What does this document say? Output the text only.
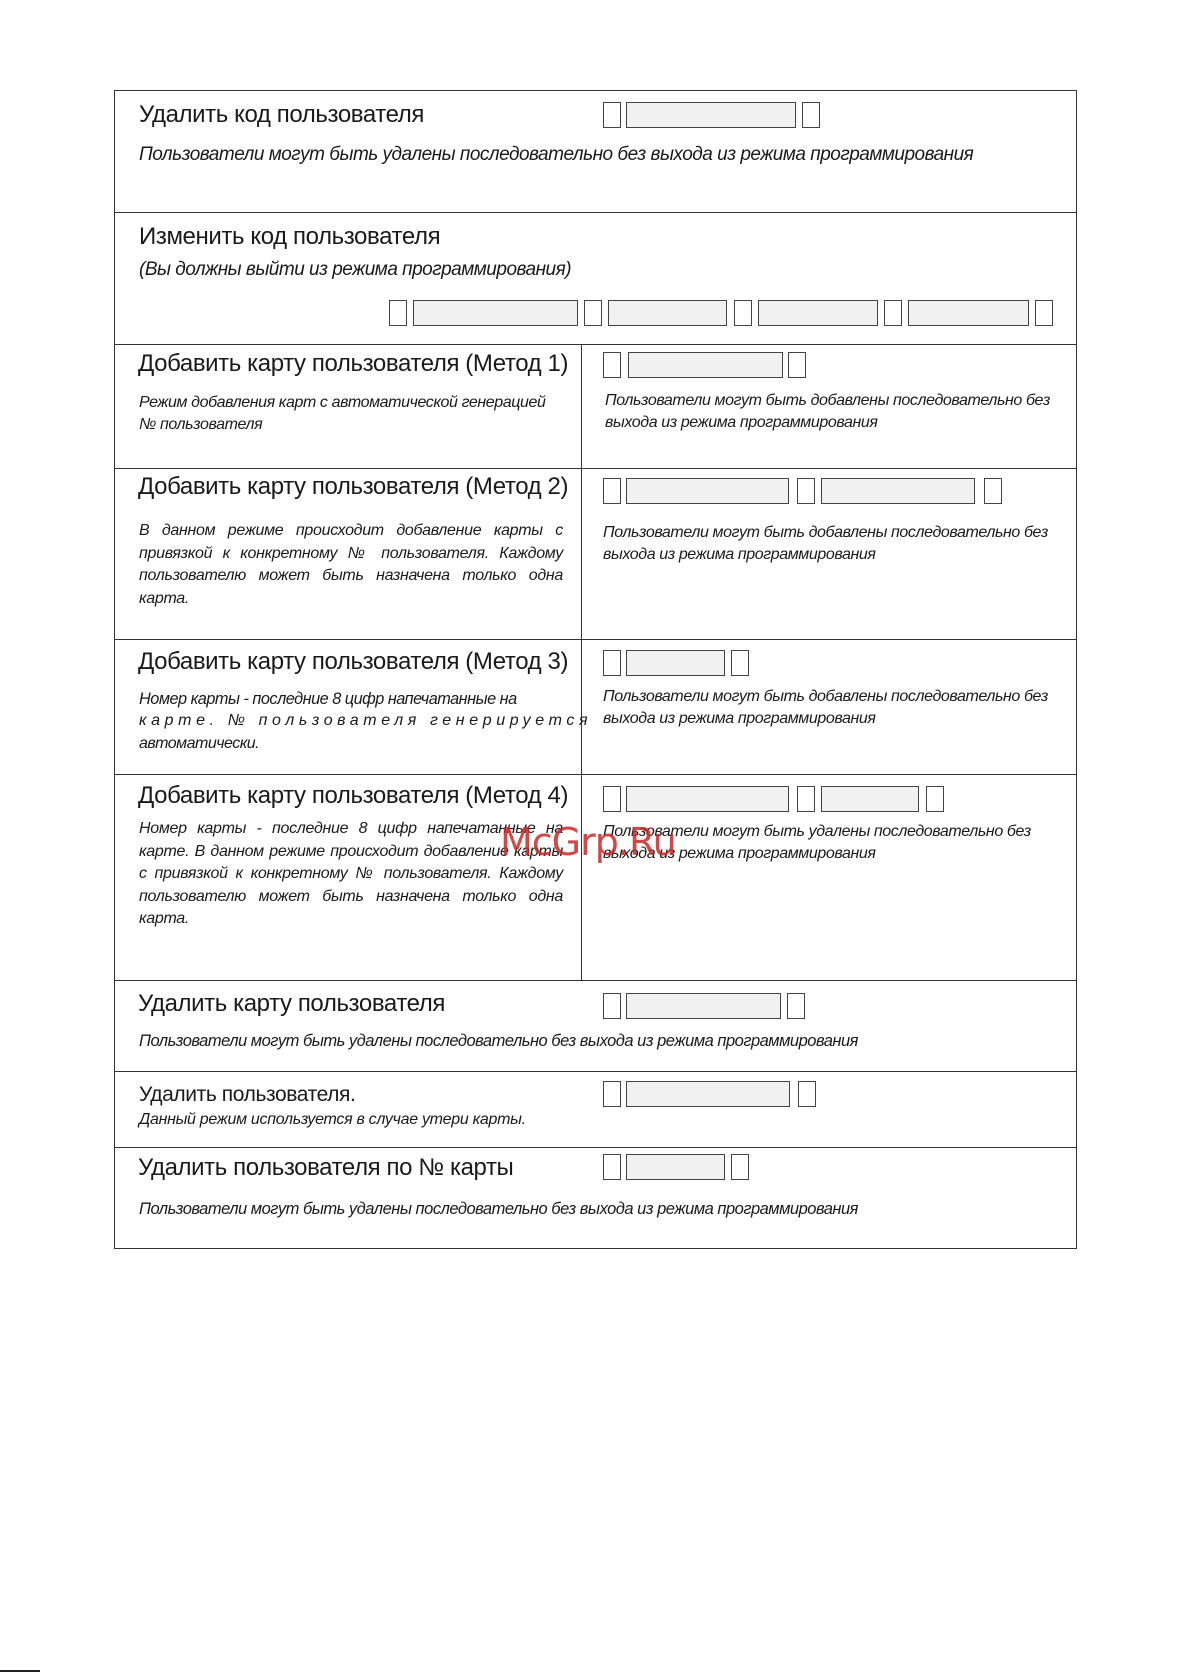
Удалить код пользователя
Пользователи могут быть удалены последовательно без выхода из режима программирования
Изменить код пользователя
(Вы должны выйти из режима программирования)
Добавить карту пользователя (Метод 1)
Режим добавления карт с автоматической генерацией № пользователя
Пользователи могут быть добавлены последовательно без выхода из режима программирования
Добавить карту пользователя (Метод 2)
В данном режиме происходит добавление карты с привязкой к конкретному № пользователя. Каждому пользователю может быть назначена только одна карта.
Пользователи могут быть добавлены последовательно без выхода из режима программирования
Добавить карту пользователя (Метод 3)
Номер карты - последние 8 цифр напечатанные на
карте. № пользователя генерируется
автоматически.
Пользователи могут быть добавлены последовательно без выхода из режима программирования
Добавить карту пользователя (Метод 4)
Номер карты - последние 8 цифр напечатанные на карте. В данном режиме происходит добавление карты с привязкой к конкретному № пользователя. Каждому пользователю может быть назначена только одна карта.
Пользователи могут быть удалены последовательно без выхода из режима программирования
McGrp.Ru
Удалить карту пользователя
Пользователи могут быть удалены последовательно без выхода из режима программирования
Удалить пользователя.
Данный режим используется в случае утери карты.
Удалить пользователя по № карты
Пользователи могут быть удалены последовательно без выхода из режима программирования
